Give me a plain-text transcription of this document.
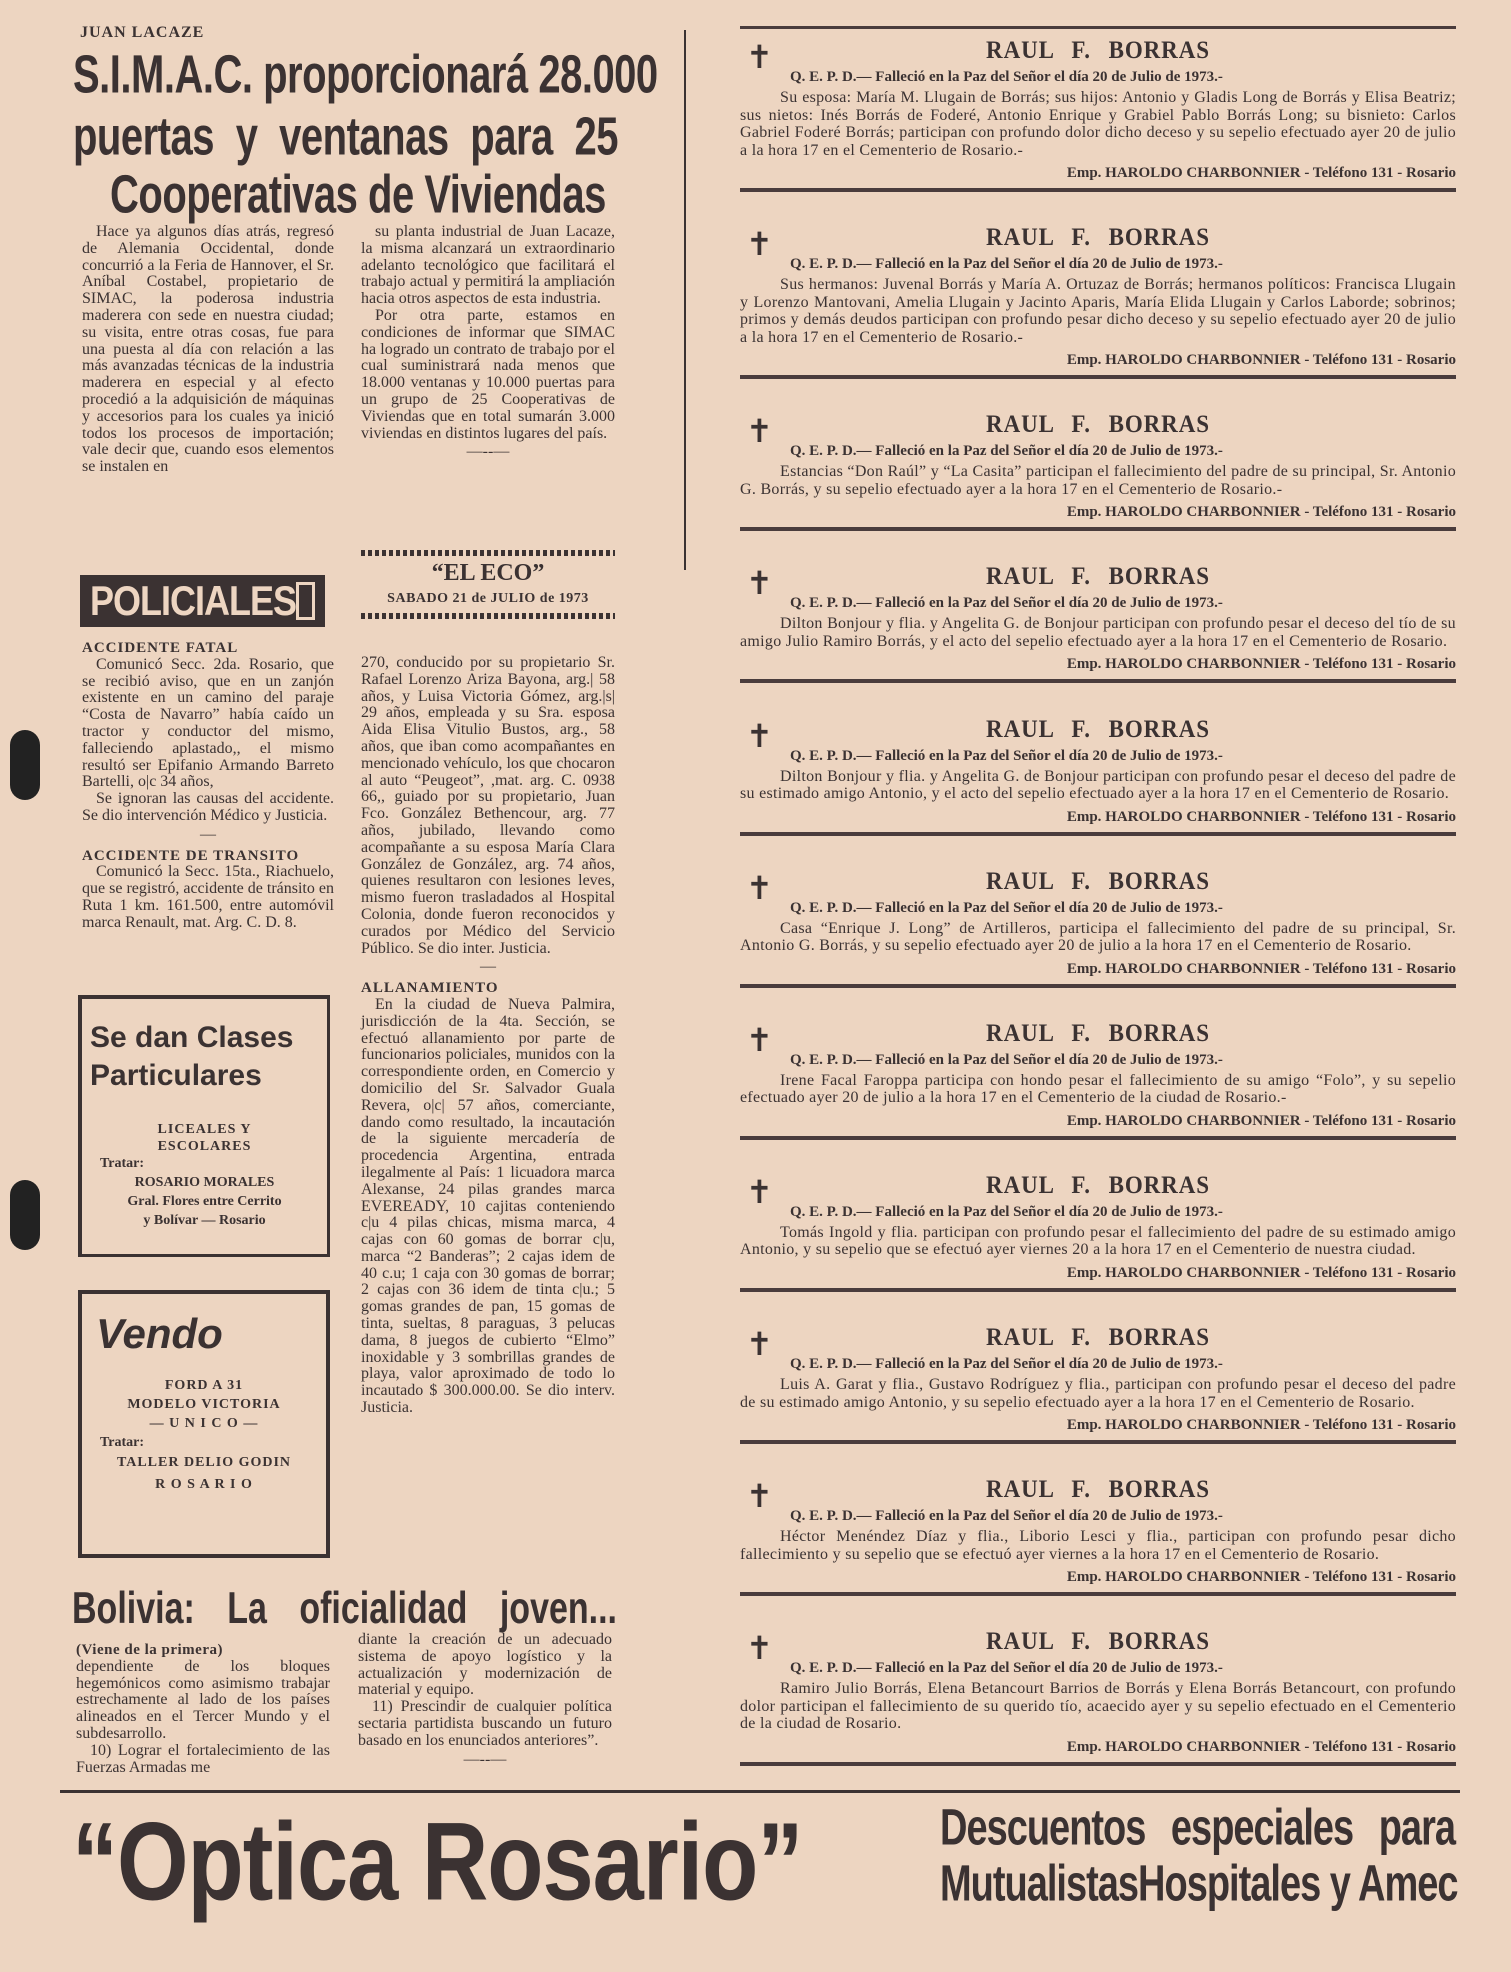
JUAN LACAZE
S.I.M.A.C. proporcionará 28.000
puertas y ventanas para 25
Cooperativas de Viviendas

Hace ya algunos días atrás, regresó de Alemania Occidental, donde concurrió a la Feria de Hannover, el Sr. Aníbal Costabel, propietario de SIMAC, la poderosa industria maderera con sede en nuestra ciudad; su visita, entre otras cosas, fue para una puesta al día con relación a las más avanzadas técnicas de la industria maderera en especial y al efecto procedió a la adquisición de máquinas y accesorios para los cuales ya inició todos los procesos de importación; vale decir que, cuando esos elementos se instalen en

su planta industrial de Juan Lacaze, la misma alcanzará un extraordinario adelanto tecnológico que facilitará el trabajo actual y permitirá la ampliación hacia otros aspectos de esta industria.

Por otra parte, estamos en condiciones de informar que SIMAC ha logrado un contrato de trabajo por el cual suministrará nada menos que 18.000 ventanas y 10.000 puertas para un grupo de 25 Cooperativas de Viviendas que en total sumarán 3.000 viviendas en distintos lugares del país.

—--—
POLICIALES
“EL ECO”
SABADO 21 de JULIO de 1973
ACCIDENTE FATAL

Comunicó Secc. 2da. Rosario, que se recibió aviso, que en un zanjón existente en un camino del paraje “Costa de Navarro” había caído un tractor y conductor del mismo, falleciendo aplastado,, el mismo resultó ser Epifanio Armando Barreto Bartelli, o|c 34 años,

Se ignoran las causas del accidente. Se dio intervención Médico y Justicia.

—
ACCIDENTE DE TRANSITO

Comunicó la Secc. 15ta., Riachuelo, que se registró, accidente de tránsito en Ruta 1 km. 161.500, entre automóvil marca Renault, mat. Arg. C. D. 8.

270, conducido por su propietario Sr. Rafael Lorenzo Ariza Bayona, arg.| 58 años, y Luisa Victoria Gómez, arg.|s| 29 años, empleada y su Sra. esposa Aida Elisa Vitulio Bustos, arg., 58 años, que iban como acompañantes en mencionado vehículo, los que chocaron al auto “Peugeot”, ,mat. arg. C. 0938 66,, guiado por su propietario, Juan Fco. González Bethencour, arg. 77 años, jubilado, llevando como acompañante a su esposa María Clara González de González, arg. 74 años, quienes resultaron con lesiones leves, mismo fueron trasladados al Hospital Colonia, donde fueron reconocidos y curados por Médico del Servicio Público. Se dio inter. Justicia.

—
ALLANAMIENTO

En la ciudad de Nueva Palmira, jurisdicción de la 4ta. Sección, se efectuó allanamiento por parte de funcionarios policiales, munidos con la correspondiente orden, en Comercio y domicilio del Sr. Salvador Guala Revera, o|c| 57 años, comerciante, dando como resultado, la incautación de la siguiente mercadería de procedencia Argentina, entrada ilegalmente al País: 1 licuadora marca Alexanse, 24 pilas grandes marca EVEREADY, 10 cajitas conteniendo c|u 4 pilas chicas, misma marca, 4 cajas con 60 gomas de borrar c|u, marca “2 Banderas”; 2 cajas idem de 40 c.u; 1 caja con 30 gomas de borrar; 2 cajas con 36 idem de tinta c|u.; 5 gomas grandes de pan, 15 gomas de tinta, sueltas, 8 paraguas, 3 pelucas dama, 8 juegos de cubierto “Elmo” inoxidable y 3 sombrillas grandes de playa, valor aproximado de todo lo incautado $ 300.000.00. Se dio interv. Justicia.

Se dan Clases
Particulares
LICEALES Y
ESCOLARES
Tratar:
ROSARIO MORALES
Gral. Flores entre Cerrito
y Bolívar — Rosario
Vendo
FORD A 31
MODELO VICTORIA
— U N I C O —
Tratar:
TALLER DELIO GODIN
R O S A R I O
Bolivia: La oficialidad joven...
(Viene de la primera)

dependiente de los bloques hegemónicos como asimismo trabajar estrechamente al lado de los países alineados en el Tercer Mundo y el subdesarrollo.

10) Lograr el fortalecimiento de las Fuerzas Armadas me

diante la creación de un adecuado sistema de apoyo logístico y la actualización y modernización de material y equipo.

11) Prescindir de cualquier política sectaria partidista buscando un futuro basado en los enunciados anteriores”.

—--—
✝	RAUL F. BORRAS
Q. E. P. D.— Falleció en la Paz del Señor el día 20 de Julio de 1973.-
Su esposa: María M. Llugain de Borrás; sus hijos: Antonio y Gladis Long de Borrás y Elisa Beatriz; sus nietos: Inés Borrás de Foderé, Antonio Enrique y Grabiel Pablo Borrás Long; su bisnieto: Carlos Gabriel Foderé Borrás; participan con profundo dolor dicho deceso y su sepelio efectuado ayer 20 de julio a la hora 17 en el Cementerio de Rosario.-
Emp. HAROLDO CHARBONNIER - Teléfono 131 - Rosario
✝	RAUL F. BORRAS
Q. E. P. D.— Falleció en la Paz del Señor el día 20 de Julio de 1973.-
Sus hermanos: Juvenal Borrás y María A. Ortuzaz de Borrás; hermanos políticos: Francisca Llugain y Lorenzo Mantovani, Amelia Llugain y Jacinto Aparis, María Elida Llugain y Carlos Laborde; sobrinos; primos y demás deudos participan con profundo pesar dicho deceso y su sepelio efectuado ayer 20 de julio a la hora 17 en el Cementerio de Rosario.-
Emp. HAROLDO CHARBONNIER - Teléfono 131 - Rosario
✝	RAUL F. BORRAS
Q. E. P. D.— Falleció en la Paz del Señor el día 20 de Julio de 1973.-
Estancias “Don Raúl” y “La Casita” participan el fallecimiento del padre de su principal, Sr. Antonio G. Borrás, y su sepelio efectuado ayer a la hora 17 en el Cementerio de Rosario.-
Emp. HAROLDO CHARBONNIER - Teléfono 131 - Rosario
✝	RAUL F. BORRAS
Q. E. P. D.— Falleció en la Paz del Señor el día 20 de Julio de 1973.-
Dilton Bonjour y flia. y Angelita G. de Bonjour participan con profundo pesar el deceso del tío de su amigo Julio Ramiro Borrás, y el acto del sepelio efectuado ayer a la hora 17 en el Cementerio de Rosario.
Emp. HAROLDO CHARBONNIER - Teléfono 131 - Rosario
✝	RAUL F. BORRAS
Q. E. P. D.— Falleció en la Paz del Señor el día 20 de Julio de 1973.-
Dilton Bonjour y flia. y Angelita G. de Bonjour participan con profundo pesar el deceso del padre de su estimado amigo Antonio, y el acto del sepelio efectuado ayer a la hora 17 en el Cementerio de Rosario.
Emp. HAROLDO CHARBONNIER - Teléfono 131 - Rosario
✝	RAUL F. BORRAS
Q. E. P. D.— Falleció en la Paz del Señor el día 20 de Julio de 1973.-
Casa “Enrique J. Long” de Artilleros, participa el fallecimiento del padre de su principal, Sr. Antonio G. Borrás, y su sepelio efectuado ayer 20 de julio a la hora 17 en el Cementerio de Rosario.
Emp. HAROLDO CHARBONNIER - Teléfono 131 - Rosario
✝	RAUL F. BORRAS
Q. E. P. D.— Falleció en la Paz del Señor el día 20 de Julio de 1973.-
Irene Facal Faroppa participa con hondo pesar el fallecimiento de su amigo “Folo”, y su sepelio efectuado ayer 20 de julio a la hora 17 en el Cementerio de la ciudad de Rosario.-
Emp. HAROLDO CHARBONNIER - Teléfono 131 - Rosario
✝	RAUL F. BORRAS
Q. E. P. D.— Falleció en la Paz del Señor el día 20 de Julio de 1973.-
Tomás Ingold y flia. participan con profundo pesar el fallecimiento del padre de su estimado amigo Antonio, y su sepelio que se efectuó ayer viernes 20 a la hora 17 en el Cementerio de nuestra ciudad.
Emp. HAROLDO CHARBONNIER - Teléfono 131 - Rosario
✝	RAUL F. BORRAS
Q. E. P. D.— Falleció en la Paz del Señor el día 20 de Julio de 1973.-
Luis A. Garat y flia., Gustavo Rodríguez y flia., participan con profundo pesar el deceso del padre de su estimado amigo Antonio, y su sepelio efectuado ayer a la hora 17 en el Cementerio de Rosario.
Emp. HAROLDO CHARBONNIER - Teléfono 131 - Rosario
✝	RAUL F. BORRAS
Q. E. P. D.— Falleció en la Paz del Señor el día 20 de Julio de 1973.-
Héctor Menéndez Díaz y flia., Liborio Lesci y flia., participan con profundo pesar dicho fallecimiento y su sepelio que se efectuó ayer viernes a la hora 17 en el Cementerio de Rosario.
Emp. HAROLDO CHARBONNIER - Teléfono 131 - Rosario
✝	RAUL F. BORRAS
Q. E. P. D.— Falleció en la Paz del Señor el día 20 de Julio de 1973.-
Ramiro Julio Borrás, Elena Betancourt Barrios de Borrás y Elena Borrás Betancourt, con profundo dolor participan el fallecimiento de su querido tío, acaecido ayer y su sepelio efectuado en el Cementerio de la ciudad de Rosario.
Emp. HAROLDO CHARBONNIER - Teléfono 131 - Rosario
“Optica Rosario”	Descuentos especiales para
MutualistasHospitales y Amec
